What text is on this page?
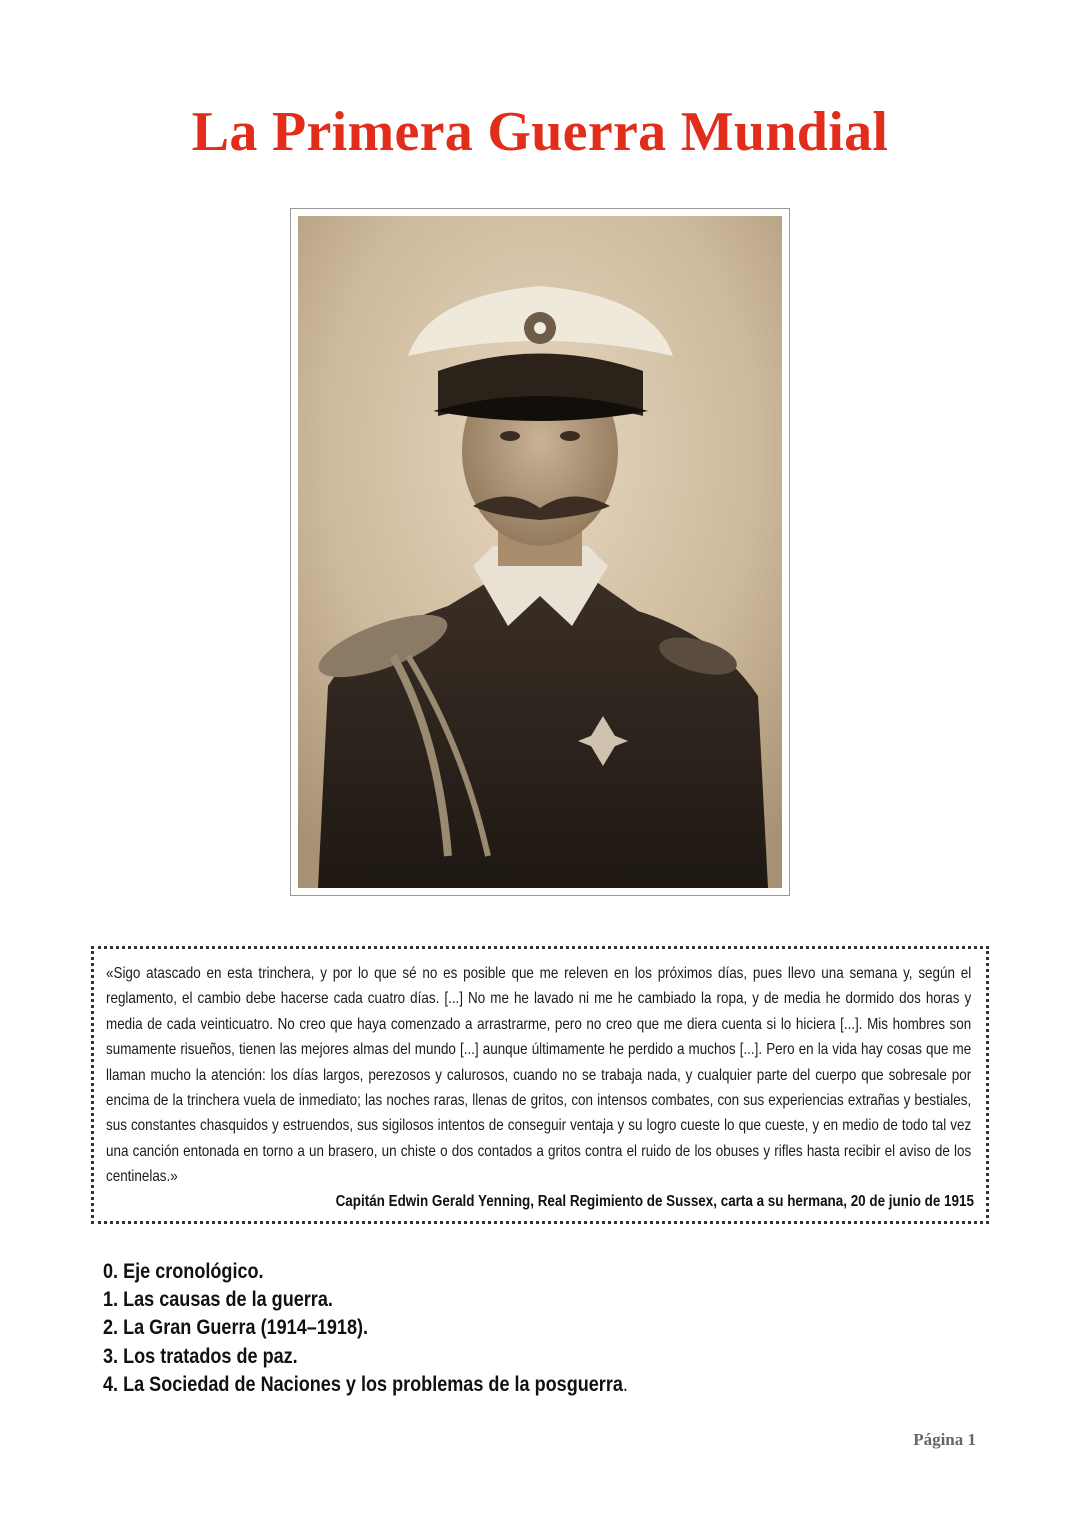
La Primera Guerra Mundial

«Sigo atascado en esta trinchera, y por lo que sé no es posible que me releven en los próximos días, pues llevo una semana y, según el reglamento, el cambio debe hacerse cada cuatro días. [...] No me he lavado ni me he cambiado la ropa, y de media he dormido dos horas y media de cada veinticuatro. No creo que haya comenzado a arrastrarme, pero no creo que me diera cuenta si lo hiciera [...]. Mis hombres son sumamente risueños, tienen las mejores almas del mundo [...] aunque últimamente he perdido a muchos [...]. Pero en la vida hay cosas que me llaman mucho la atención: los días largos, perezosos y calurosos, cuando no se trabaja nada, y cualquier parte del cuerpo que sobresale por encima de la trinchera vuela de inmediato; las noches raras, llenas de gritos, con intensos combates, con sus experiencias extrañas y bestiales, sus constantes chasquidos y estruendos, sus sigilosos intentos de conseguir ventaja y su logro cueste lo que cueste, y en medio de todo tal vez una canción entonada en torno a un brasero, un chiste o dos contados a gritos contra el ruido de los obuses y rifles hasta recibir el aviso de los centinelas.»

Capitán Edwin Gerald Yenning, Real Regimiento de Sussex, carta a su hermana, 20 de junio de 1915

0. Eje cronológico.
1. Las causas de la guerra.
2. La Gran Guerra (1914–1918).
3. Los tratados de paz.
4. La Sociedad de Naciones y los problemas de la posguerra.

Página 1
